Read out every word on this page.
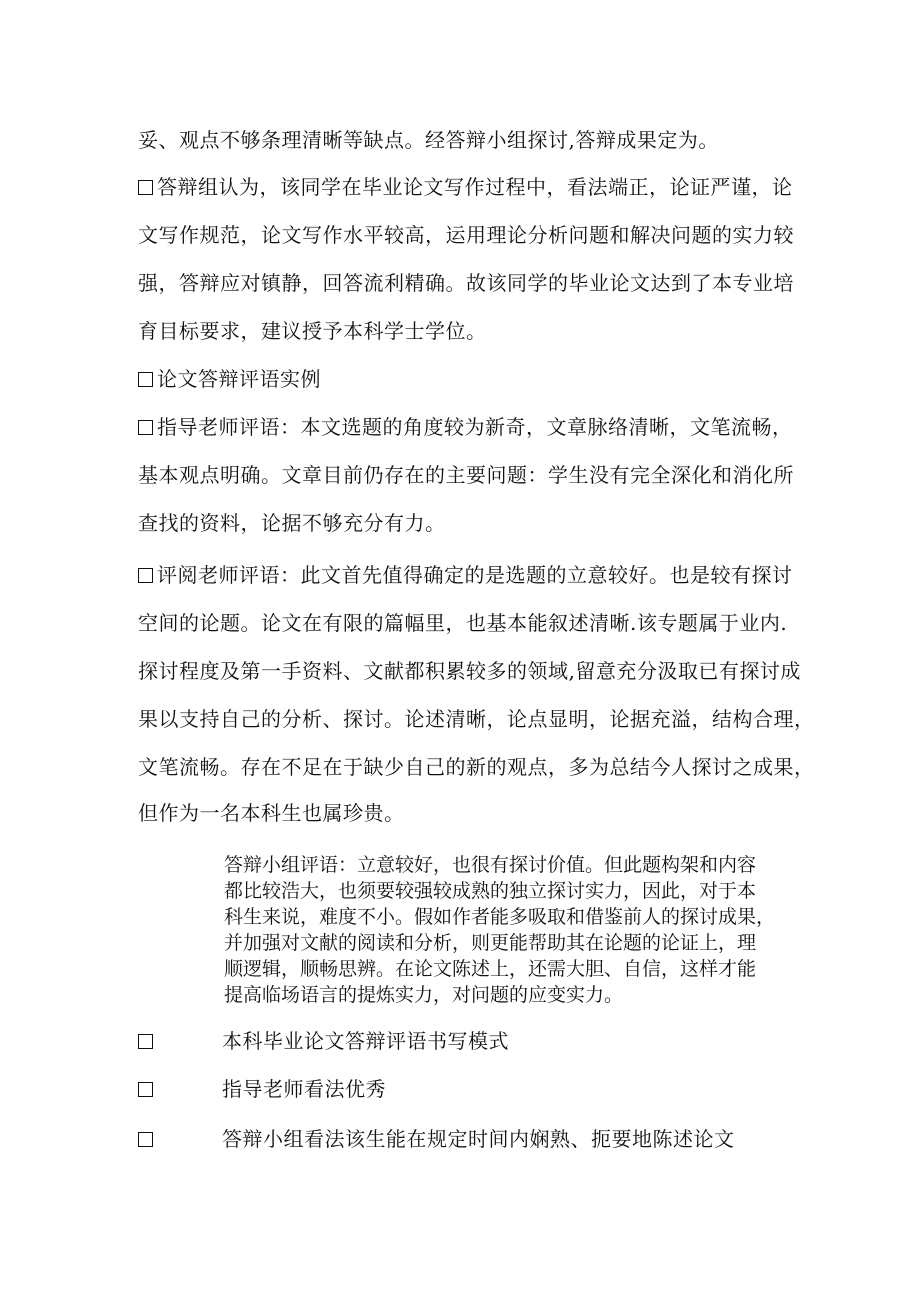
妥、观点不够条理清晰等缺点。经答辩小组探讨,答辩成果定为。
答辩组认为，该同学在毕业论文写作过程中，看法端正，论证严谨，论
文写作规范，论文写作水平较高，运用理论分析问题和解决问题的实力较
强，答辩应对镇静，回答流利精确。故该同学的毕业论文达到了本专业培
育目标要求，建议授予本科学士学位。
论文答辩评语实例
指导老师评语：本文选题的角度较为新奇，文章脉络清晰，文笔流畅，
基本观点明确。文章目前仍存在的主要问题：学生没有完全深化和消化所
查找的资料，论据不够充分有力。
评阅老师评语：此文首先值得确定的是选题的立意较好。也是较有探讨
空间的论题。论文在有限的篇幅里，也基本能叙述清晰.该专题属于业内.
探讨程度及第一手资料、文献都积累较多的领域,留意充分汲取已有探讨成
果以支持自己的分析、探讨。论述清晰，论点显明，论据充溢，结构合理，
文笔流畅。存在不足在于缺少自己的新的观点，多为总结今人探讨之成果，
但作为一名本科生也属珍贵。
答辩小组评语：立意较好，也很有探讨价值。但此题构架和内容
都比较浩大，也须要较强较成熟的独立探讨实力，因此，对于本
科生来说，难度不小。假如作者能多吸取和借鉴前人的探讨成果，
并加强对文献的阅读和分析，则更能帮助其在论题的论证上，理
顺逻辑，顺畅思辨。在论文陈述上，还需大胆、自信，这样才能
提高临场语言的提炼实力，对问题的应变实力。
本科毕业论文答辩评语书写模式
指导老师看法优秀
答辩小组看法该生能在规定时间内娴熟、扼要地陈述论文
